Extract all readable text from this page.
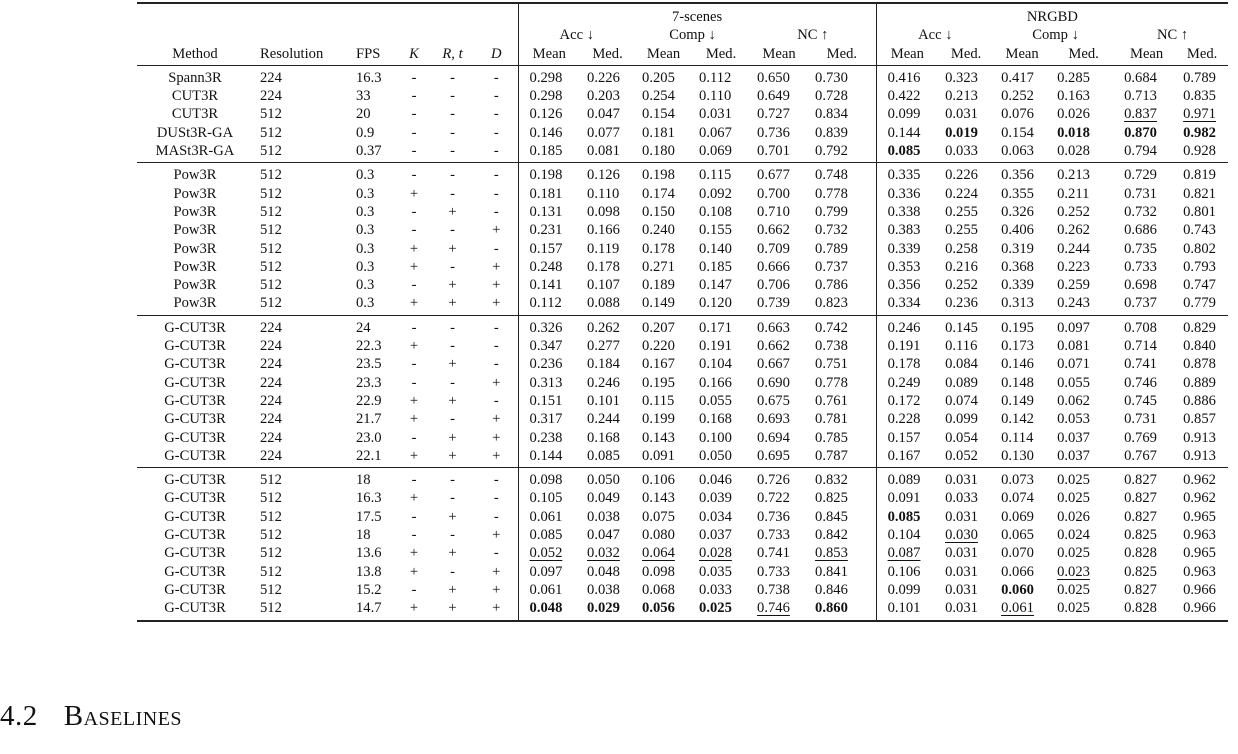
						7-scenes						NRGBD					
						Acc ↓		Comp ↓		NC ↑		Acc ↓		Comp ↓		NC ↑	
Method	Resolution	FPS	K	R, t	D	Mean	Med.	Mean	Med.	Mean	Med.	Mean	Med.	Mean	Med.	Mean	Med.
Spann3R	224	16.3	-	-	-	0.298	0.226	0.205	0.112	0.650	0.730	0.416	0.323	0.417	0.285	0.684	0.789
CUT3R	224	33	-	-	-	0.298	0.203	0.254	0.110	0.649	0.728	0.422	0.213	0.252	0.163	0.713	0.835
CUT3R	512	20	-	-	-	0.126	0.047	0.154	0.031	0.727	0.834	0.099	0.031	0.076	0.026	0.837	0.971
DUSt3R-GA	512	0.9	-	-	-	0.146	0.077	0.181	0.067	0.736	0.839	0.144	0.019	0.154	0.018	0.870	0.982
MASt3R-GA	512	0.37	-	-	-	0.185	0.081	0.180	0.069	0.701	0.792	0.085	0.033	0.063	0.028	0.794	0.928
Pow3R	512	0.3	-	-	-	0.198	0.126	0.198	0.115	0.677	0.748	0.335	0.226	0.356	0.213	0.729	0.819
Pow3R	512	0.3	+	-	-	0.181	0.110	0.174	0.092	0.700	0.778	0.336	0.224	0.355	0.211	0.731	0.821
Pow3R	512	0.3	-	+	-	0.131	0.098	0.150	0.108	0.710	0.799	0.338	0.255	0.326	0.252	0.732	0.801
Pow3R	512	0.3	-	-	+	0.231	0.166	0.240	0.155	0.662	0.732	0.383	0.255	0.406	0.262	0.686	0.743
Pow3R	512	0.3	+	+	-	0.157	0.119	0.178	0.140	0.709	0.789	0.339	0.258	0.319	0.244	0.735	0.802
Pow3R	512	0.3	+	-	+	0.248	0.178	0.271	0.185	0.666	0.737	0.353	0.216	0.368	0.223	0.733	0.793
Pow3R	512	0.3	-	+	+	0.141	0.107	0.189	0.147	0.706	0.786	0.356	0.252	0.339	0.259	0.698	0.747
Pow3R	512	0.3	+	+	+	0.112	0.088	0.149	0.120	0.739	0.823	0.334	0.236	0.313	0.243	0.737	0.779
G-CUT3R	224	24	-	-	-	0.326	0.262	0.207	0.171	0.663	0.742	0.246	0.145	0.195	0.097	0.708	0.829
G-CUT3R	224	22.3	+	-	-	0.347	0.277	0.220	0.191	0.662	0.738	0.191	0.116	0.173	0.081	0.714	0.840
G-CUT3R	224	23.5	-	+	-	0.236	0.184	0.167	0.104	0.667	0.751	0.178	0.084	0.146	0.071	0.741	0.878
G-CUT3R	224	23.3	-	-	+	0.313	0.246	0.195	0.166	0.690	0.778	0.249	0.089	0.148	0.055	0.746	0.889
G-CUT3R	224	22.9	+	+	-	0.151	0.101	0.115	0.055	0.675	0.761	0.172	0.074	0.149	0.062	0.745	0.886
G-CUT3R	224	21.7	+	-	+	0.317	0.244	0.199	0.168	0.693	0.781	0.228	0.099	0.142	0.053	0.731	0.857
G-CUT3R	224	23.0	-	+	+	0.238	0.168	0.143	0.100	0.694	0.785	0.157	0.054	0.114	0.037	0.769	0.913
G-CUT3R	224	22.1	+	+	+	0.144	0.085	0.091	0.050	0.695	0.787	0.167	0.052	0.130	0.037	0.767	0.913
G-CUT3R	512	18	-	-	-	0.098	0.050	0.106	0.046	0.726	0.832	0.089	0.031	0.073	0.025	0.827	0.962
G-CUT3R	512	16.3	+	-	-	0.105	0.049	0.143	0.039	0.722	0.825	0.091	0.033	0.074	0.025	0.827	0.962
G-CUT3R	512	17.5	-	+	-	0.061	0.038	0.075	0.034	0.736	0.845	0.085	0.031	0.069	0.026	0.827	0.965
G-CUT3R	512	18	-	-	+	0.085	0.047	0.080	0.037	0.733	0.842	0.104	0.030	0.065	0.024	0.825	0.963
G-CUT3R	512	13.6	+	+	-	0.052	0.032	0.064	0.028	0.741	0.853	0.087	0.031	0.070	0.025	0.828	0.965
G-CUT3R	512	13.8	+	-	+	0.097	0.048	0.098	0.035	0.733	0.841	0.106	0.031	0.066	0.023	0.825	0.963
G-CUT3R	512	15.2	-	+	+	0.061	0.038	0.068	0.033	0.738	0.846	0.099	0.031	0.060	0.025	0.827	0.966
G-CUT3R	512	14.7	+	+	+	0.048	0.029	0.056	0.025	0.746	0.860	0.101	0.031	0.061	0.025	0.828	0.966
4.2 Baselines
